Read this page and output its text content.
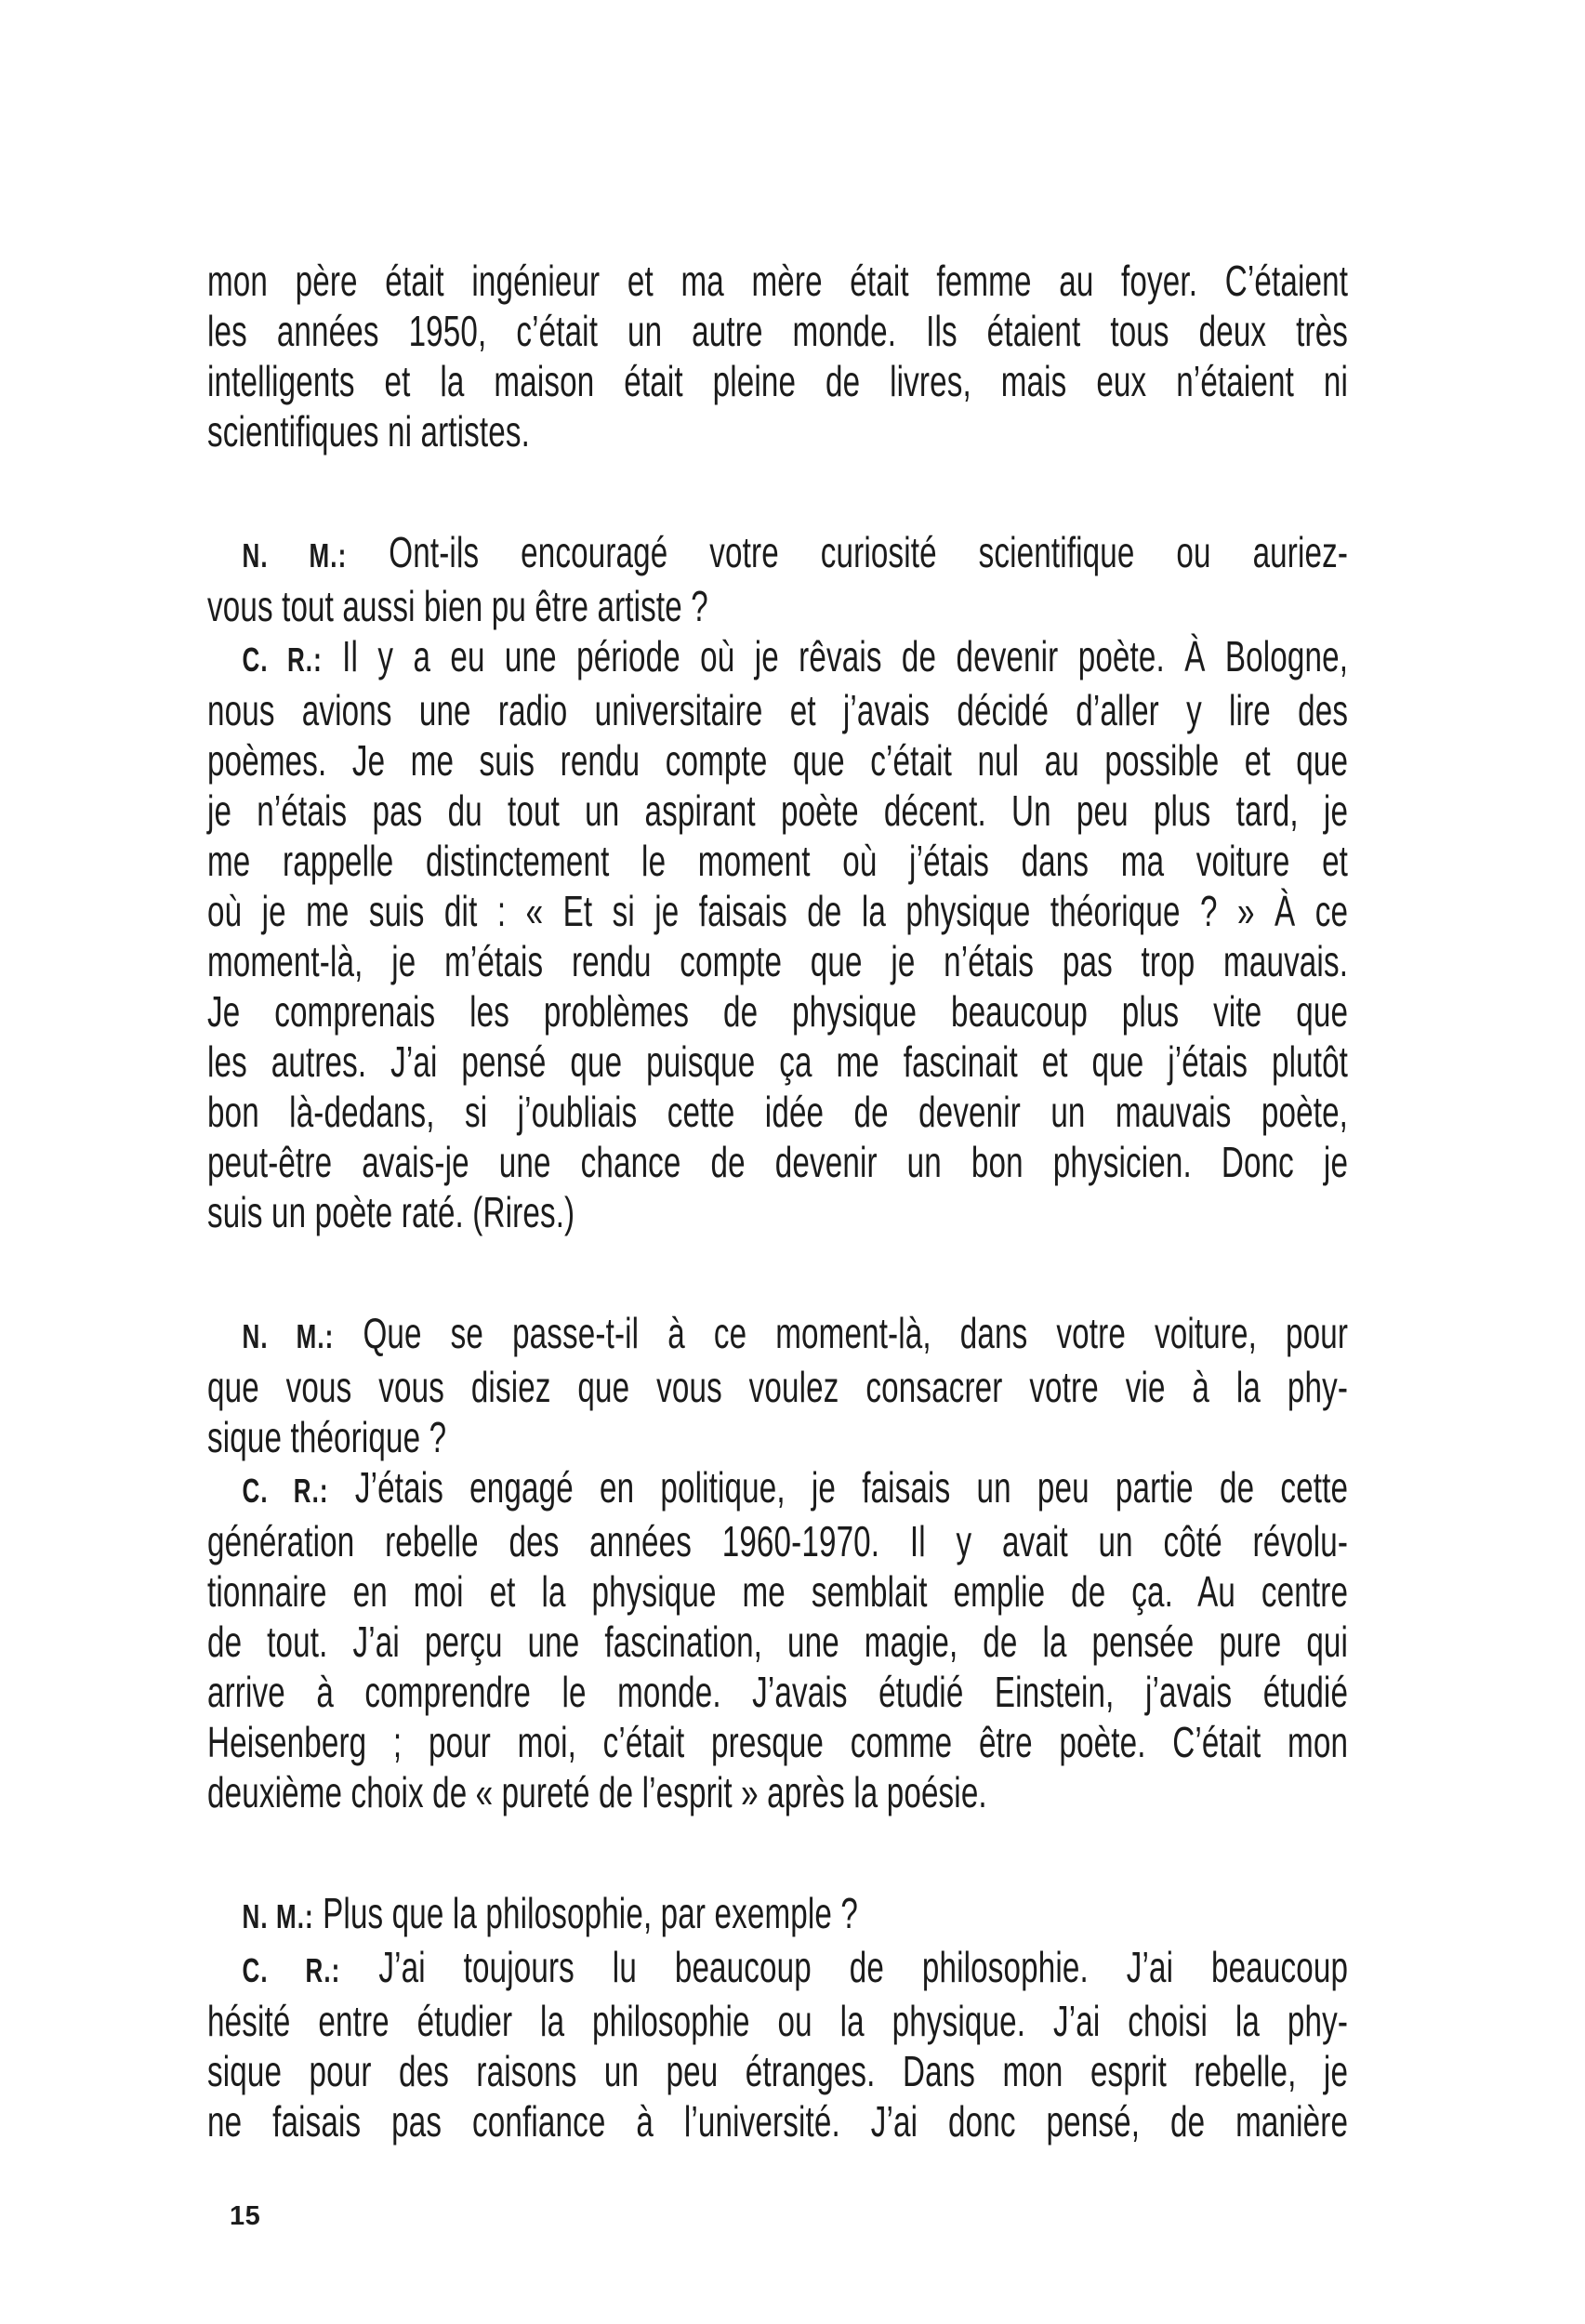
mon père était ingénieur et ma mère était femme au foyer. C’étaient
les années 1950, c’était un autre monde. Ils étaient tous deux très
intelligents et la maison était pleine de livres, mais eux n’étaient ni
scientifiques ni artistes.
N. M.: Ont-ils encouragé votre curiosité scientifique ou auriez-
vous tout aussi bien pu être artiste ?
C. R.: Il y a eu une période où je rêvais de devenir poète. À Bologne,
nous avions une radio universitaire et j’avais décidé d’aller y lire des
poèmes. Je me suis rendu compte que c’était nul au possible et que
je n’étais pas du tout un aspirant poète décent. Un peu plus tard, je
me rappelle distinctement le moment où j’étais dans ma voiture et
où je me suis dit : « Et si je faisais de la physique théorique ? » À ce
moment-là, je m’étais rendu compte que je n’étais pas trop mauvais.
Je comprenais les problèmes de physique beaucoup plus vite que
les autres. J’ai pensé que puisque ça me fascinait et que j’étais plutôt
bon là-dedans, si j’oubliais cette idée de devenir un mauvais poète,
peut-être avais-je une chance de devenir un bon physicien. Donc je
suis un poète raté. (Rires.)
N. M.: Que se passe-t-il à ce moment-là, dans votre voiture, pour
que vous vous disiez que vous voulez consacrer votre vie à la phy-
sique théorique ?
C. R.: J’étais engagé en politique, je faisais un peu partie de cette
génération rebelle des années 1960-1970. Il y avait un côté révolu-
tionnaire en moi et la physique me semblait emplie de ça. Au centre
de tout. J’ai perçu une fascination, une magie, de la pensée pure qui
arrive à comprendre le monde. J’avais étudié Einstein, j’avais étudié
Heisenberg ; pour moi, c’était presque comme être poète. C’était mon
deuxième choix de « pureté de l’esprit » après la poésie.
N. M.: Plus que la philosophie, par exemple ?
C. R.: J’ai toujours lu beaucoup de philosophie. J’ai beaucoup
hésité entre étudier la philosophie ou la physique. J’ai choisi la phy-
sique pour des raisons un peu étranges. Dans mon esprit rebelle, je
ne faisais pas confiance à l’université. J’ai donc pensé, de manière
15
